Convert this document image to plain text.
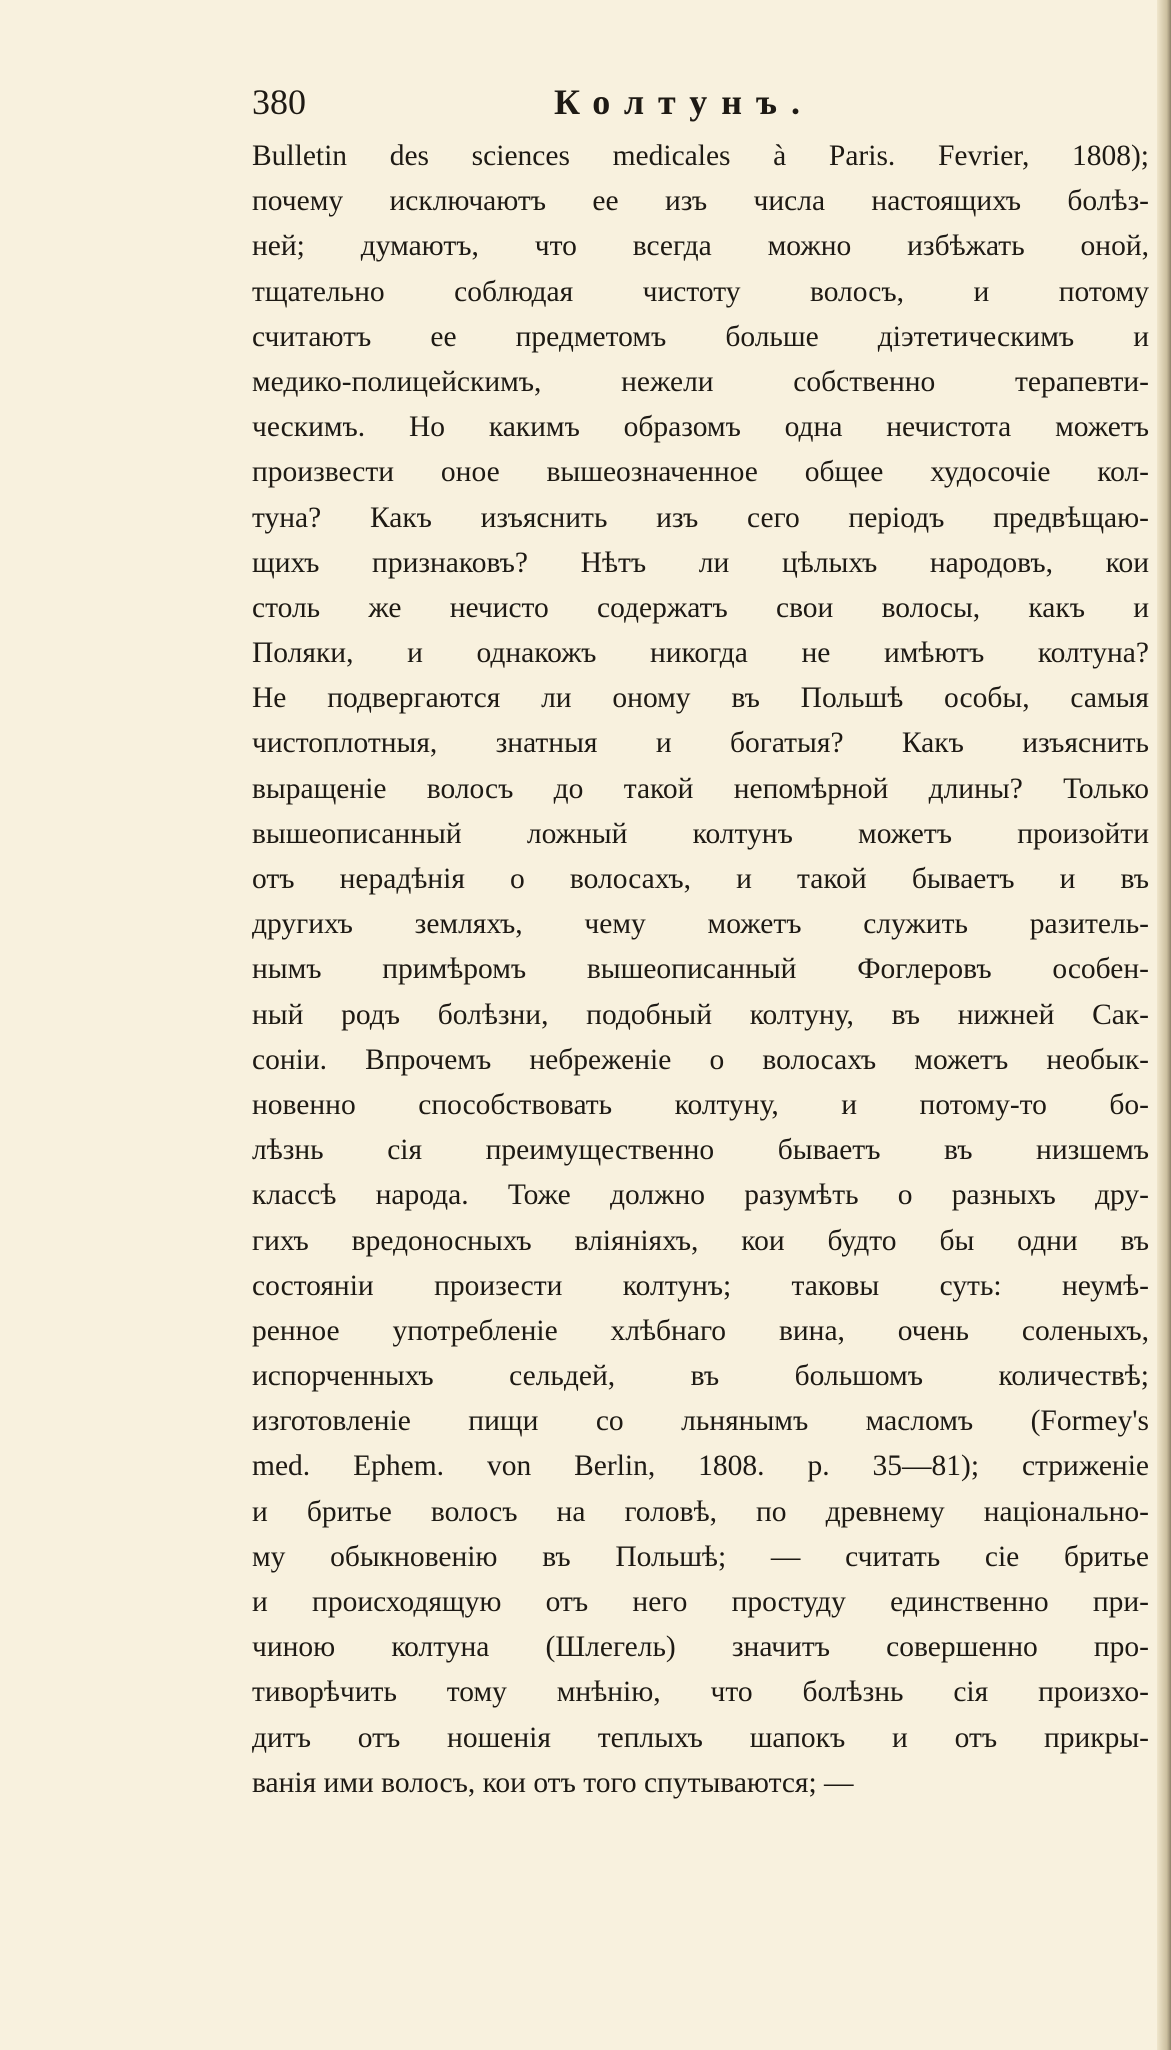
380	Колтунъ.
Bulletin des sciences medicales à Paris. Fevrier, 1808);
почему исключаютъ ее изъ числа настоящихъ болѣз-
ней; думаютъ, что всегда можно избѣжать оной,
тщательно соблюдая чистоту волосъ, и потому
считаютъ ее предметомъ больше діэтетическимъ и
медико-полицейскимъ, нежели собственно терапевти-
ческимъ. Но какимъ образомъ одна нечистота можетъ
произвести оное вышеозначенное общее худосочіе кол-
туна? Какъ изъяснить изъ сего періодъ предвѣщаю-
щихъ признаковъ? Нѣтъ ли цѣлыхъ народовъ, кои
столь же нечисто содержатъ свои волосы, какъ и
Поляки, и однакожъ никогда не имѣютъ колтуна?
Не подвергаются ли оному въ Польшѣ особы, самыя
чистоплотныя, знатныя и богатыя? Какъ изъяснить
выращеніе волосъ до такой непомѣрной длины? Только
вышеописанный ложный колтунъ можетъ произойти
отъ нерадѣнія о волосахъ, и такой бываетъ и въ
другихъ земляхъ, чему можетъ служить разитель-
нымъ примѣромъ вышеописанный Фоглеровъ особен-
ный родъ болѣзни, подобный колтуну, въ нижней Сак-
соніи. Впрочемъ небреженіе о волосахъ можетъ необык-
новенно способствовать колтуну, и потому-то бо-
лѣзнь сія преимущественно бываетъ въ низшемъ
классѣ народа. Тоже должно разумѣть о разныхъ дру-
гихъ вредоносныхъ вліяніяхъ, кои будто бы одни въ
состояніи произести колтунъ; таковы суть: неумѣ-
ренное употребленіе хлѣбнаго вина, очень соленыхъ,
испорченныхъ сельдей, въ большомъ количествѣ;
изготовленіе пищи со льнянымъ масломъ (Formey's
med. Ephem. von Berlin, 1808. p. 35—81); стриженіе
и бритье волосъ на головѣ, по древнему національно-
му обыкновенію въ Польшѣ; — считать сіе бритье
и происходящую отъ него простуду единственно при-
чиною колтуна (Шлегель) значитъ совершенно про-
тиворѣчить тому мнѣнію, что болѣзнь сія произхо-
дитъ отъ ношенія теплыхъ шапокъ и отъ прикры-
ванія ими волосъ, кои отъ того спутываются; —
